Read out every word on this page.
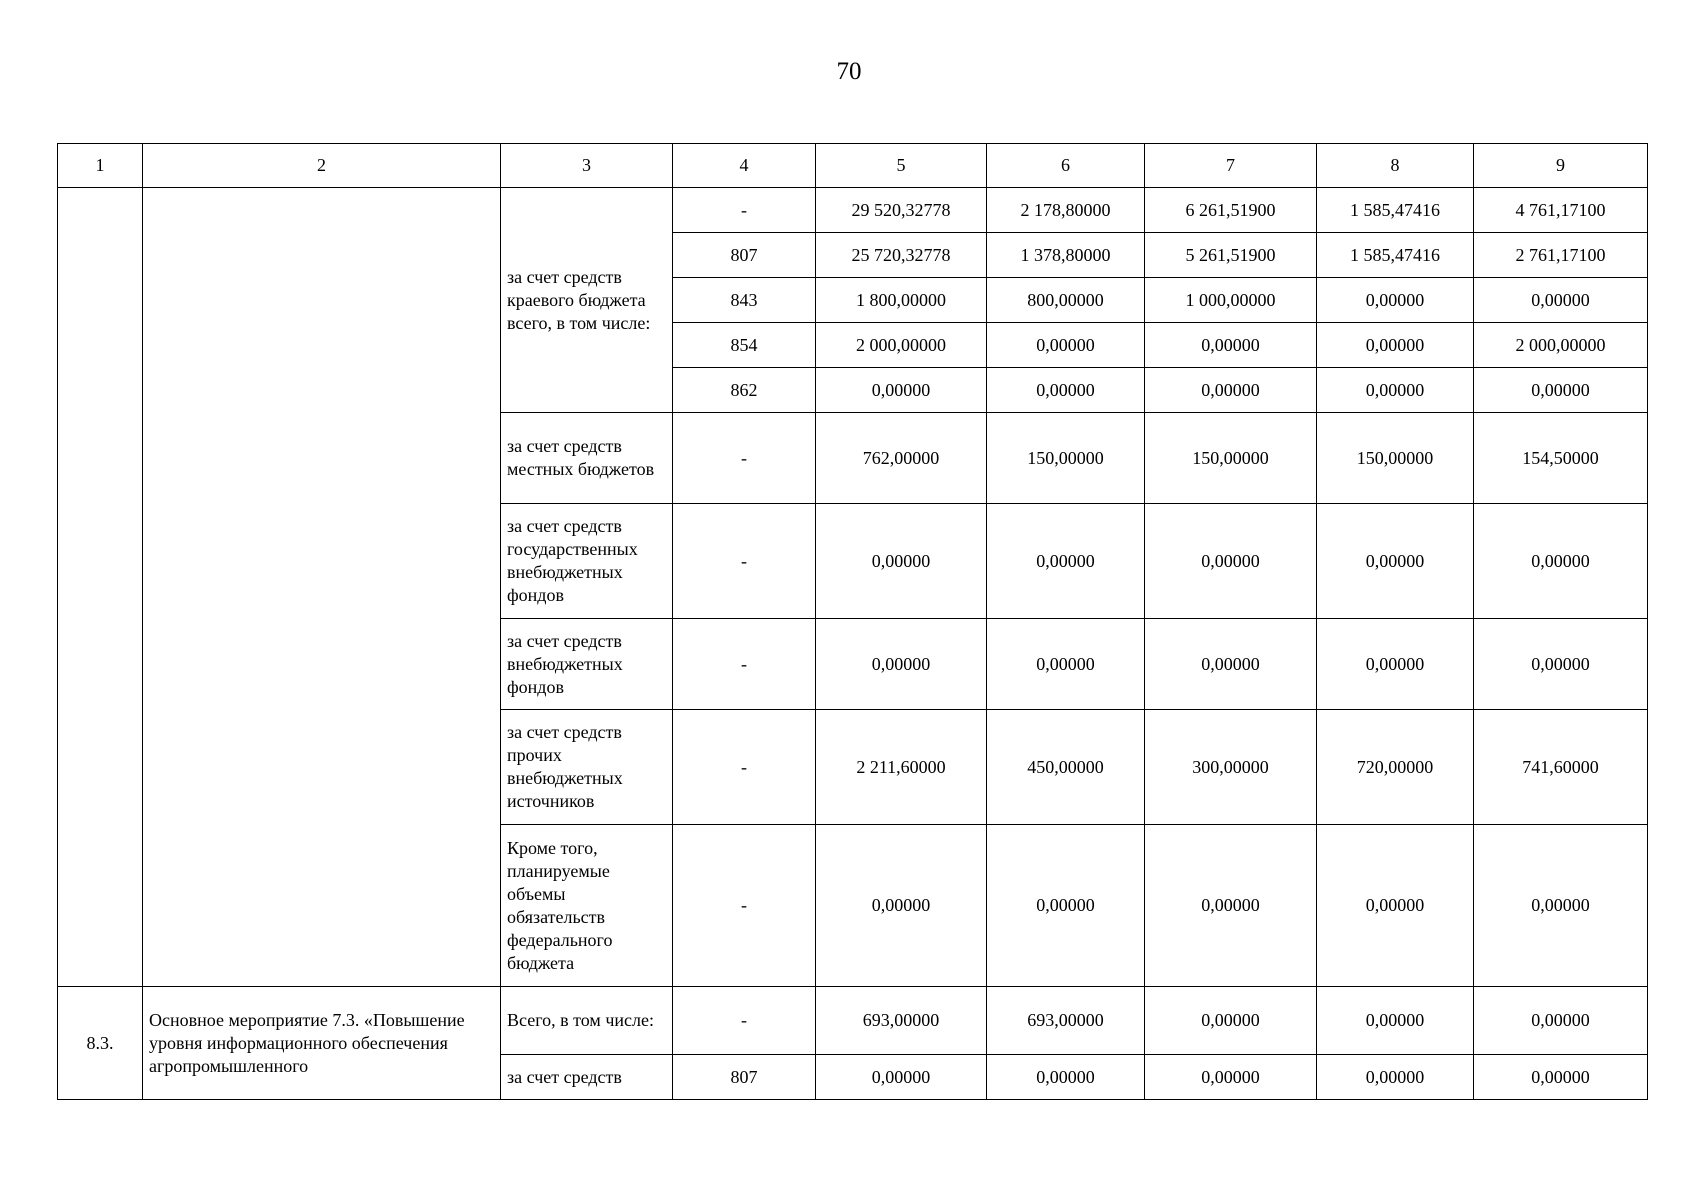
70
1	2	3	4	5	6	7	8	9
		за счет средств краевого бюджета всего, в том числе:	-	29 520,32778	2 178,80000	6 261,51900	1 585,47416	4 761,17100
			807	25 720,32778	1 378,80000	5 261,51900	1 585,47416	2 761,17100
			843	1 800,00000	800,00000	1 000,00000	0,00000	0,00000
			854	2 000,00000	0,00000	0,00000	0,00000	2 000,00000
			862	0,00000	0,00000	0,00000	0,00000	0,00000
		за счет средств местных бюджетов	-	762,00000	150,00000	150,00000	150,00000	154,50000
		за счет средств государственных внебюджетных фондов	-	0,00000	0,00000	0,00000	0,00000	0,00000
		за счет средств внебюджетных фондов	-	0,00000	0,00000	0,00000	0,00000	0,00000
		за счет средств прочих внебюджетных источников	-	2 211,60000	450,00000	300,00000	720,00000	741,60000
		Кроме того, планируемые объемы обязательств федерального бюджета	-	0,00000	0,00000	0,00000	0,00000	0,00000
8.3.	Основное мероприятие 7.3. «Повышение уровня информационного обеспечения агропромышленного	Всего, в том числе:	-	693,00000	693,00000	0,00000	0,00000	0,00000
		за счет средств	807	0,00000	0,00000	0,00000	0,00000	0,00000
